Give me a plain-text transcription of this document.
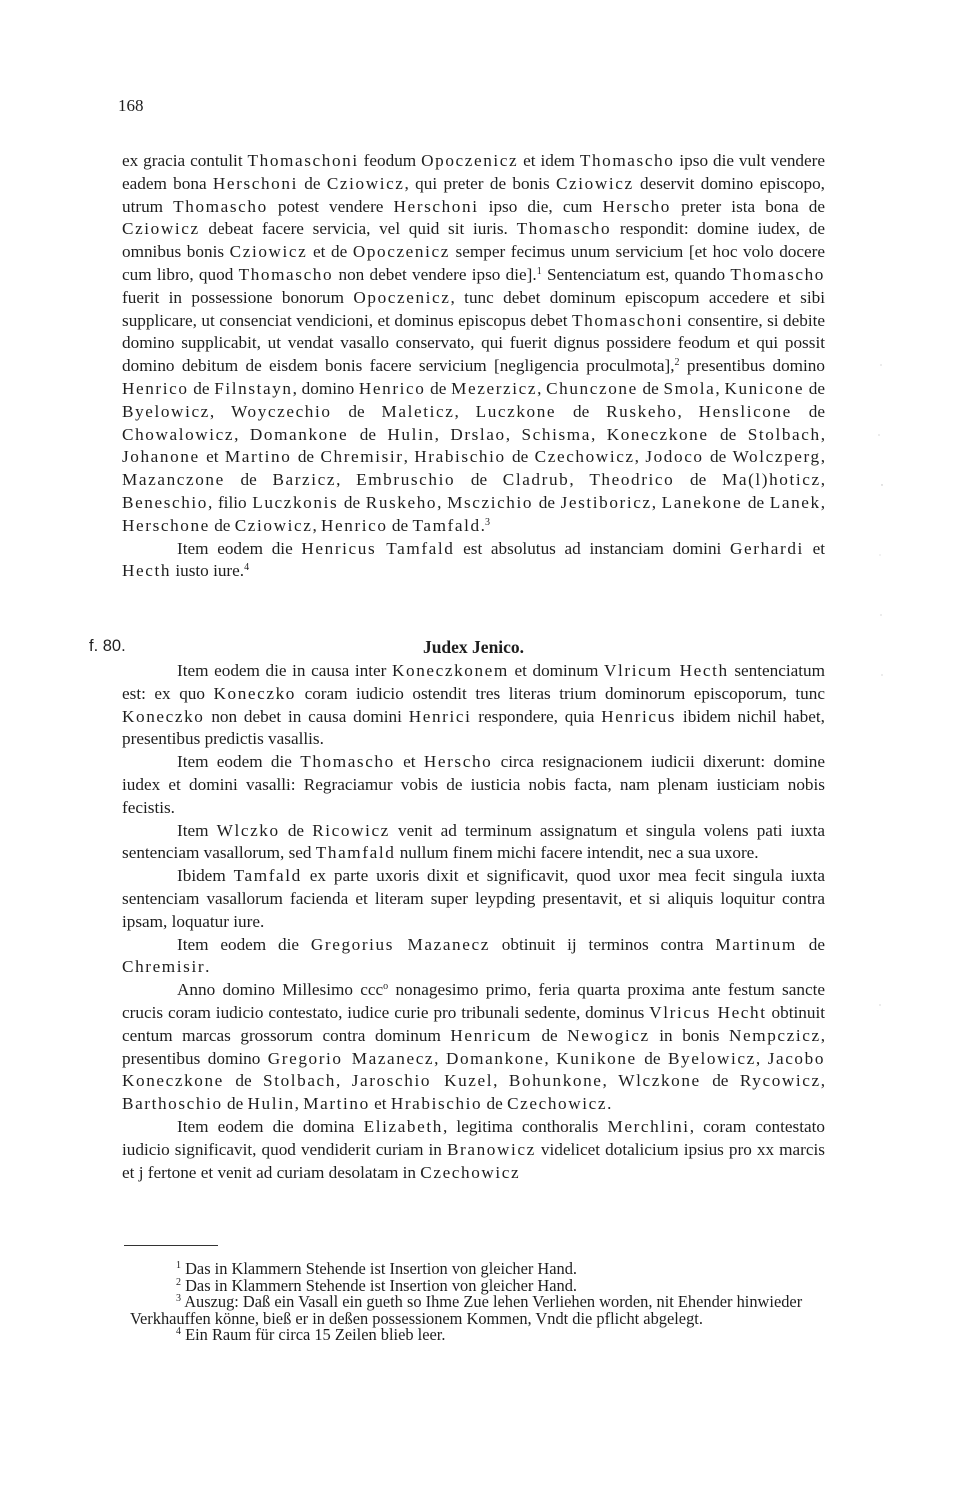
168

ex gracia contulit Thomaschoni feodum Opoczenicz et idem Thomascho ipso die vult vendere eadem bona Herschoni de Cziowicz, qui preter de bonis Cziowicz deservit domino episcopo, utrum Thomascho potest vendere Herschoni ipso die, cum Herscho preter ista bona de Cziowicz debeat facere servicia, vel quid sit iuris. Thomascho respondit: domine iudex, de omnibus bonis Cziowicz et de Opoczenicz semper fecimus unum servicium [et hoc volo docere cum libro, quod Thomascho non debet vendere ipso die].$^1$ Sentenciatum est, quando Thomascho fuerit in possessione bonorum Opoczenicz, tunc debet dominum episcopum accedere et sibi supplicare, ut consenciat vendicioni, et dominus episcopus debet Thomaschoni consentire, si debite domino supplicabit, ut vendat vasallo conservato, qui fuerit dignus possidere feodum et qui possit domino debitum de eisdem bonis facere servicium [negligencia proculmota],$^2$ presentibus domino Henrico de Filnstayn, domino Henrico de Mezerzicz, Chunczone de Smola, Kunicone de Byelowicz, Woyczechio de Maleticz, Luczkone de Ruskeho, Henslicone de Chowalowicz, Domankone de Hulin, Drslao, Schisma, Koneczkone de Stolbach, Johanone et Martino de Chremisir, Hrabischio de Czechowicz, Jodoco de Wolczperg, Mazanczone de Barzicz, Embruschio de Cladrub, Theodrico de Ma(l)hoticz, Beneschio, filio Luczkonis de Ruskeho, Msczichio de Jestiboricz, Lanekone de Lanek, Herschone de Cziowicz, Henrico de Tamfald.$^3$

Item eodem die Henricus Tamfald est absolutus ad instanciam domini Gerhardi et Hecth iusto iure.$^4$

f. 80.	Judex Jenico.

Item eodem die in causa inter Koneczkonem et dominum Vlricum Hecth sentenciatum est: ex quo Koneczko coram iudicio ostendit tres literas trium dominorum episcoporum, tunc Koneczko non debet in causa domini Henrici respondere, quia Henricus ibidem nichil habet, presentibus predictis vasallis.

Item eodem die Thomascho et Herscho circa resignacionem iudicii dixerunt: domine iudex et domini vasalli: Regraciamur vobis de iusticia nobis facta, nam plenam iusticiam nobis fecistis.

Item Wlczko de Ricowicz venit ad terminum assignatum et singula volens pati iuxta sentenciam vasallorum, sed Thamfald nullum finem michi facere intendit, nec a sua uxore.

Ibidem Tamfald ex parte uxoris dixit et significavit, quod uxor mea fecit singula iuxta sentenciam vasallorum facienda et literam super leypding presentavit, et si aliquis loquitur contra ipsam, loquatur iure.

Item eodem die Gregorius Mazanecz obtinuit ij terminos contra Martinum de Chremisir.

Anno domino Millesimo ccc$^o$ nonagesimo primo, feria quarta proxima ante festum sancte crucis coram iudicio contestato, iudice curie pro tribunali sedente, dominus Vlricus Hecht obtinuit centum marcas grossorum contra dominum Henricum de Newogicz in bonis Nempczicz, presentibus domino Gregorio Mazanecz, Domankone, Kunikone de Byelowicz, Jacobo Koneczkone de Stolbach, Jaroschio Kuzel, Bohunkone, Wlczkone de Rycowicz, Barthoschio de Hulin, Martino et Hrabischio de Czechowicz.

Item eodem die domina Elizabeth, legitima conthoralis Merchlini, coram contestato iudicio significavit, quod vendiderit curiam in Branowicz videlicet dotalicium ipsius pro xx marcis et j fertone et venit ad curiam desolatam in Czechowicz

$^1$ Das in Klammern Stehende ist Insertion von gleicher Hand.

$^2$ Das in Klammern Stehende ist Insertion von gleicher Hand.

$^3$ Auszug: Daß ein Vasall ein gueth so Ihme Zue lehen Verliehen worden, nit Ehender hinwieder Verkhauffen könne, bieß er in deßen possessionem Kommen, Vndt die pflicht abgelegt.

$^4$ Ein Raum für circa 15 Zeilen blieb leer.
